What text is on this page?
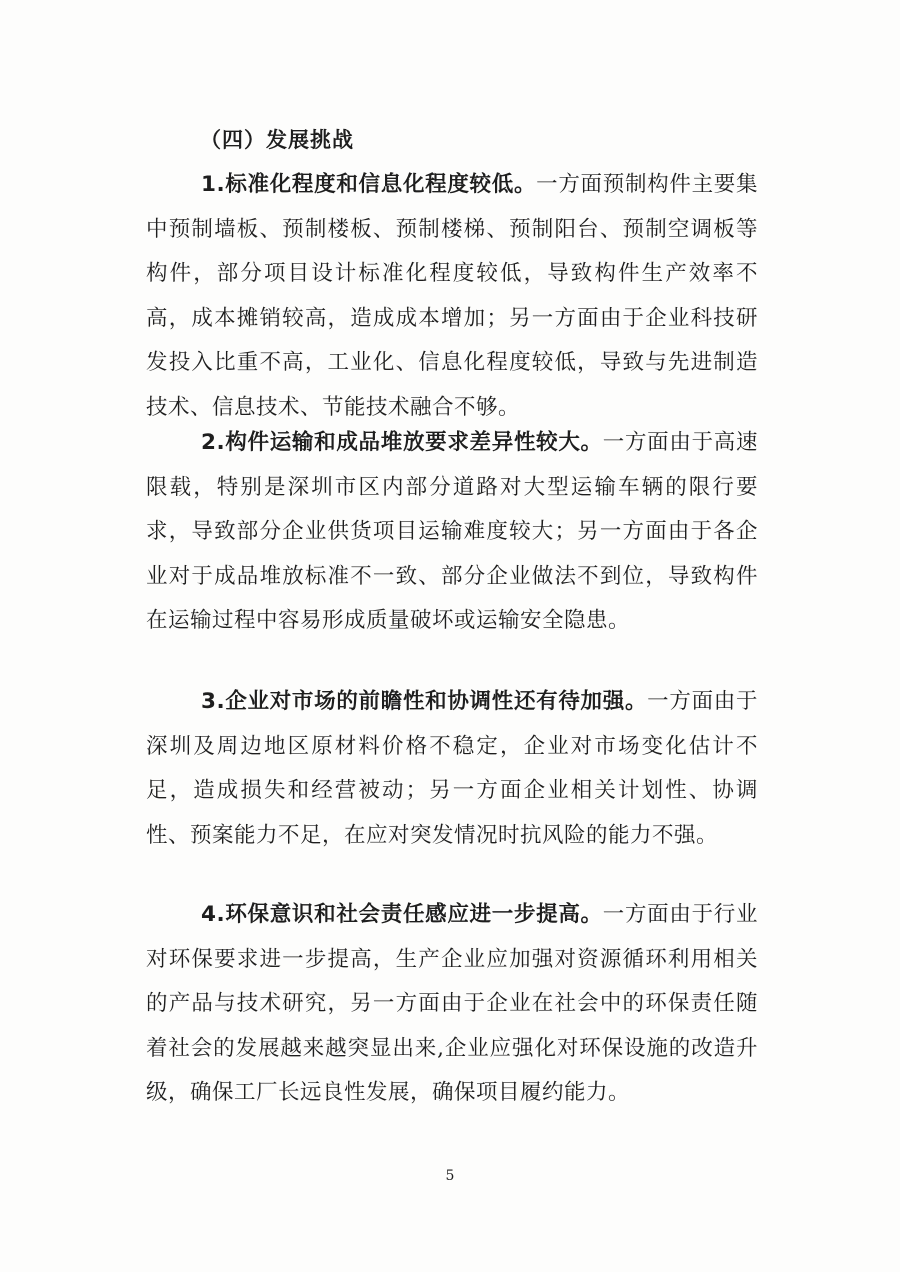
（四）发展挑战

1.标准化程度和信息化程度较低。一方面预制构件主要集中预制墙板、预制楼板、预制楼梯、预制阳台、预制空调板等构件，部分项目设计标准化程度较低，导致构件生产效率不高，成本摊销较高，造成成本增加；另一方面由于企业科技研发投入比重不高，工业化、信息化程度较低，导致与先进制造技术、信息技术、节能技术融合不够。

2.构件运输和成品堆放要求差异性较大。一方面由于高速限载，特别是深圳市区内部分道路对大型运输车辆的限行要求，导致部分企业供货项目运输难度较大；另一方面由于各企业对于成品堆放标准不一致、部分企业做法不到位，导致构件在运输过程中容易形成质量破坏或运输安全隐患。

3.企业对市场的前瞻性和协调性还有待加强。一方面由于深圳及周边地区原材料价格不稳定，企业对市场变化估计不足，造成损失和经营被动；另一方面企业相关计划性、协调性、预案能力不足，在应对突发情况时抗风险的能力不强。

4.环保意识和社会责任感应进一步提高。一方面由于行业对环保要求进一步提高，生产企业应加强对资源循环利用相关的产品与技术研究，另一方面由于企业在社会中的环保责任随着社会的发展越来越突显出来,企业应强化对环保设施的改造升级，确保工厂长远良性发展，确保项目履约能力。

5
